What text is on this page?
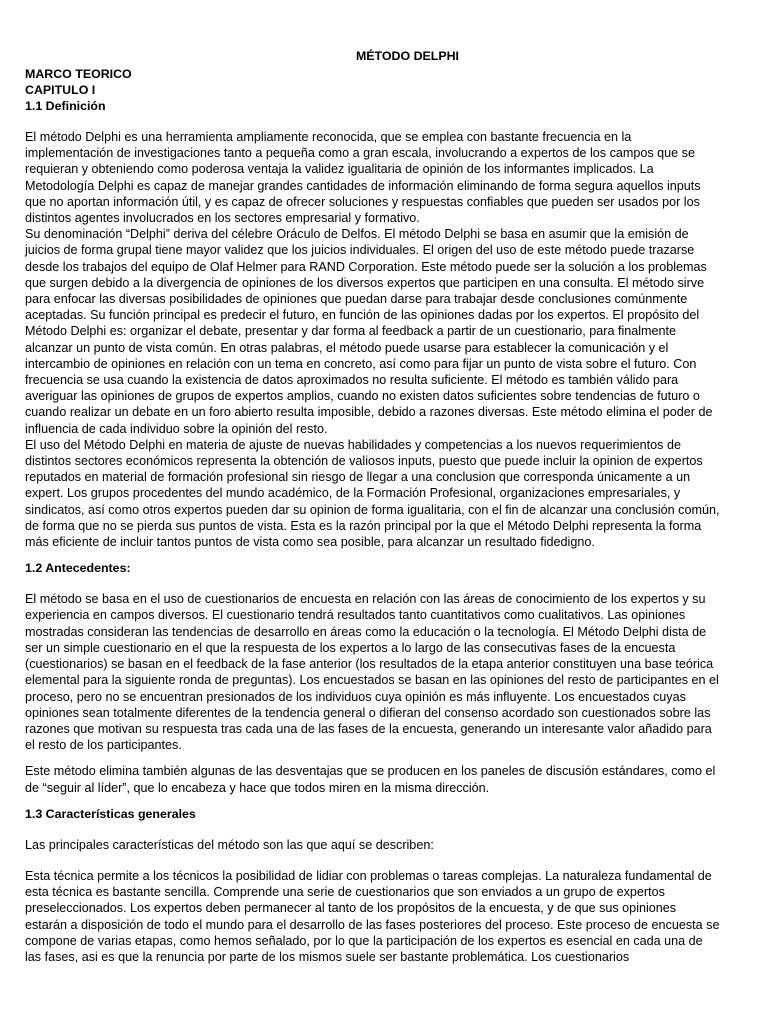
MÉTODO DELPHI
MARCO TEORICO
CAPITULO I
1.1 Definición

El método Delphi es una herramienta ampliamente reconocida, que se emplea con bastante frecuencia en la implementación de investigaciones tanto a pequeña como a gran escala, involucrando a expertos de los campos que se requieran y obteniendo como poderosa ventaja la validez igualitaria de opinión de los informantes implicados. La Metodología Delphi es capaz de manejar grandes cantidades de información eliminando de forma segura aquellos inputs que no aportan información útil, y es capaz de ofrecer soluciones y respuestas confiables que pueden ser usados por los distintos agentes involucrados en los sectores empresarial y formativo.

Su denominación “Delphi” deriva del célebre Oráculo de Delfos. El método Delphi se basa en asumir que la emisión de juicios de forma grupal tiene mayor validez que los juicios individuales. El origen del uso de este método puede trazarse desde los trabajos del equipo de Olaf Helmer para RAND Corporation. Este método puede ser la solución a los problemas que surgen debido a la divergencia de opiniones de los diversos expertos que participen en una consulta. El método sirve para enfocar las diversas posibilidades de opiniones que puedan darse para trabajar desde conclusiones comúnmente aceptadas. Su función principal es predecir el futuro, en función de las opiniones dadas por los expertos. El propósito del Método Delphi es: organizar el debate, presentar y dar forma al feedback a partir de un cuestionario, para finalmente alcanzar un punto de vista común. En otras palabras, el método puede usarse para establecer la comunicación y el intercambio de opiniones en relación con un tema en concreto, así como para fijar un punto de vista sobre el futuro. Con frecuencia se usa cuando la existencia de datos aproximados no resulta suficiente. El método es también válido para averiguar las opiniones de grupos de expertos amplios, cuando no existen datos suficientes sobre tendencias de futuro o cuando realizar un debate en un foro abierto resulta imposible, debido a razones diversas. Este método elimina el poder de influencia de cada individuo sobre la opinión del resto.

El uso del Método Delphi en materia de ajuste de nuevas habilidades y competencias a los nuevos requerimientos de distintos sectores económicos representa la obtención de valiosos inputs, puesto que puede incluir la opinion de expertos reputados en material de formación profesional sin riesgo de llegar a una conclusion que corresponda únicamente a un expert. Los grupos procedentes del mundo académico, de la Formación Profesional, organizaciones empresariales, y sindicatos, así como otros expertos pueden dar su opinion de forma igualitaria, con el fin de alcanzar una conclusión común, de forma que no se pierda sus puntos de vista. Esta es la razón principal por la que el Método Delphi representa la forma más eficiente de incluir tantos puntos de vista como sea posible, para alcanzar un resultado fidedigno.

1.2 Antecedentes:

El método se basa en el uso de cuestionarios de encuesta en relación con las áreas de conocimiento de los expertos y su experiencia en campos diversos. El cuestionario tendrá resultados tanto cuantitativos como cualitativos. Las opiniones mostradas consideran las tendencias de desarrollo en áreas como la educación o la tecnología. El Método Delphi dista de ser un simple cuestionario en el que la respuesta de los expertos a lo largo de las consecutivas fases de la encuesta (cuestionarios) se basan en el feedback de la fase anterior (los resultados de la etapa anterior constituyen una base teórica elemental para la siguiente ronda de preguntas). Los encuestados se basan en las opiniones del resto de participantes en el proceso, pero no se encuentran presionados de los individuos cuya opinión es más influyente. Los encuestados cuyas opiniones sean totalmente diferentes de la tendencia general o difieran del consenso acordado son cuestionados sobre las razones que motivan su respuesta tras cada una de las fases de la encuesta, generando un interesante valor añadido para el resto de los participantes.

Este método elimina también algunas de las desventajas que se producen en los paneles de discusión estándares, como el de “seguir al líder”, que lo encabeza y hace que todos miren en la misma dirección.

1.3 Características generales

Las principales características del método son las que aquí se describen:

Esta técnica permite a los técnicos la posibilidad de lidiar con problemas o tareas complejas. La naturaleza fundamental de esta técnica es bastante sencilla. Comprende una serie de cuestionarios que son enviados a un grupo de expertos preseleccionados. Los expertos deben permanecer al tanto de los propósitos de la encuesta, y de que sus opiniones estarán a disposición de todo el mundo para el desarrollo de las fases posteriores del proceso. Este proceso de encuesta se compone de varias etapas, como hemos señalado, por lo que la participación de los expertos es esencial en cada una de las fases, asi es que la renuncia por parte de los mismos suele ser bastante problemática. Los cuestionarios
